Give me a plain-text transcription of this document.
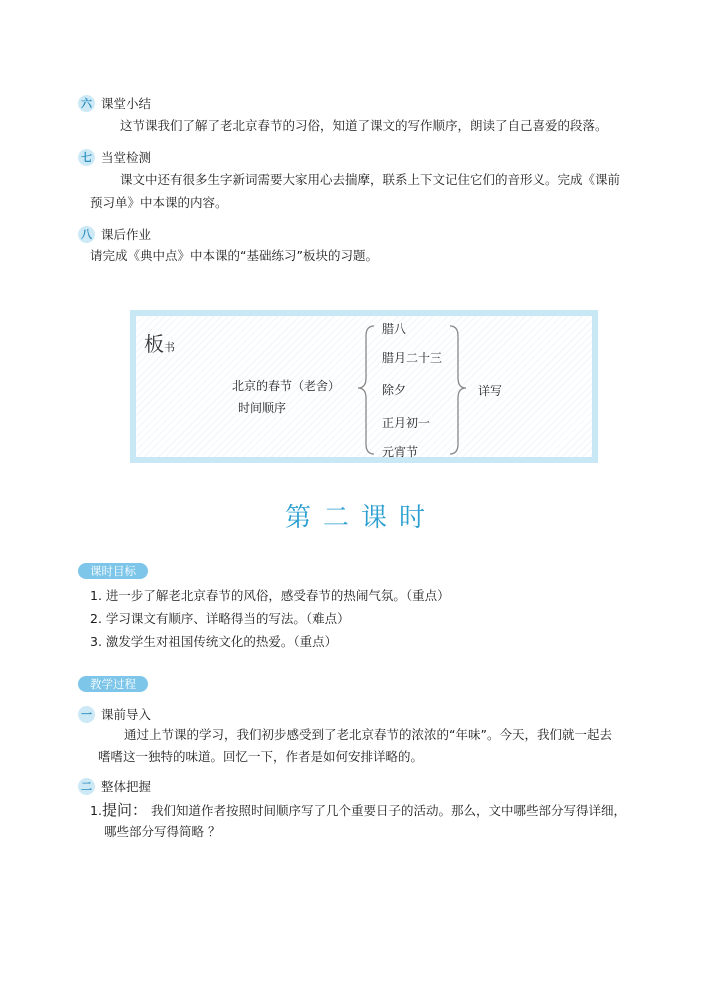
六 课堂小结
这节课我们了解了老北京春节的习俗，知道了课文的写作顺序，朗读了自己喜爱的段落。
七 当堂检测
课文中还有很多生字新词需要大家用心去揣摩，联系上下文记住它们的音形义。完成《课前
预习单》中本课的内容。
八 课后作业
请完成《典中点》中本课的“基础练习”板块的习题。
板书
北京的春节（老舍）
时间顺序
腊八
腊月二十三
除夕
正月初一
元宵节
详写
第二课时
课时目标
1. 进一步了解老北京春节的风俗，感受春节的热闹气氛。（重点）
2. 学习课文有顺序、详略得当的写法。（难点）
3. 激发学生对祖国传统文化的热爱。（重点）
教学过程
一 课前导入
通过上节课的学习，我们初步感受到了老北京春节的浓浓的“年味”。今天，我们就一起去
嗜嗜这一独特的味道。回忆一下，作者是如何安排详略的。
二 整体把握
1.提问： 我们知道作者按照时间顺序写了几个重要日子的活动。那么，文中哪些部分写得详细，
哪些部分写得简略 ？
